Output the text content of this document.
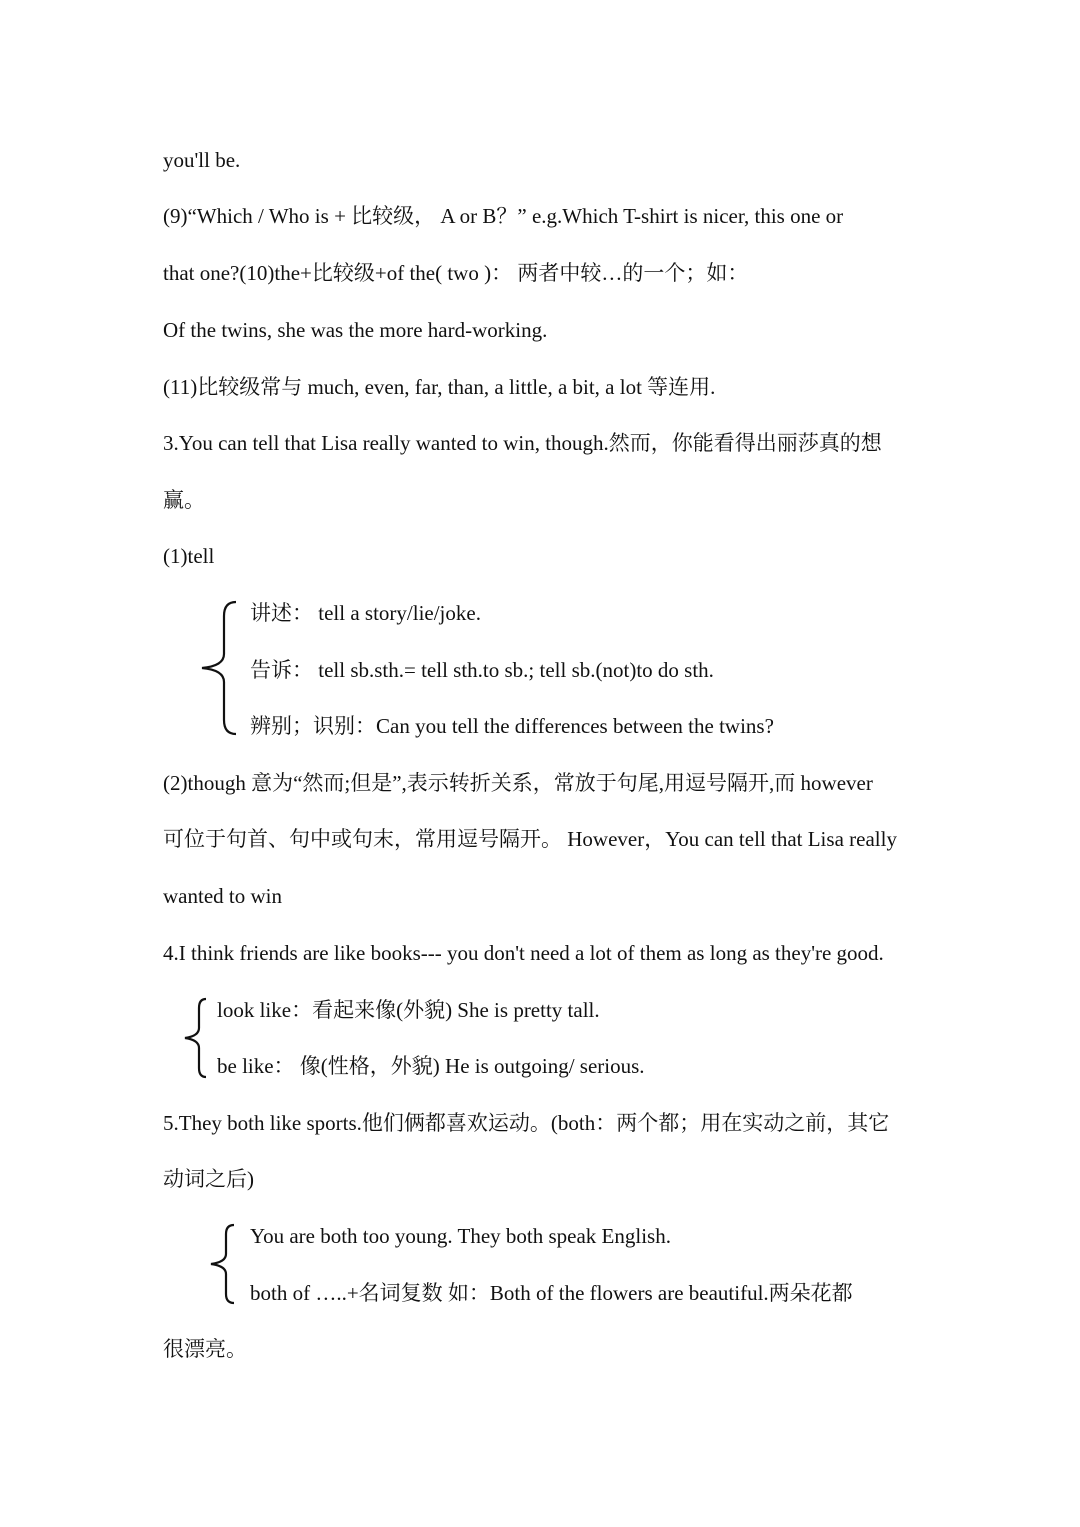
you'll be.
(9)“Which / Who is + 比较级， A or B？” e.g.Which T-shirt is nicer, this one or
that one?(10)the+比较级+of the( two )： 两者中较…的一个；如：
Of the twins, she was the more hard-working.
(11)比较级常与 much, even, far, than, a little, a bit, a lot 等连用.
3.You can tell that Lisa really wanted to win, though.然而，你能看得出丽莎真的想
赢。
(1)tell
讲述： tell a story/lie/joke.
告诉： tell sb.sth.= tell sth.to sb.; tell sb.(not)to do sth.
辨别；识别：Can you tell the differences between the twins?
(2)though 意为“然而;但是”,表示转折关系，常放于句尾,用逗号隔开,而 however
可位于句首、句中或句末，常用逗号隔开。 However，You can tell that Lisa really
wanted to win
4.I think friends are like books--- you don't need a lot of them as long as they're good.
look like：看起来像(外貌) She is pretty tall.
be like： 像(性格，外貌) He is outgoing/ serious.
5.They both like sports.他们俩都喜欢运动。(both：两个都；用在实动之前，其它
动词之后)
You are both too young. They both speak English.
both of …..+名词复数 如：Both of the flowers are beautiful.两朵花都
很漂亮。
